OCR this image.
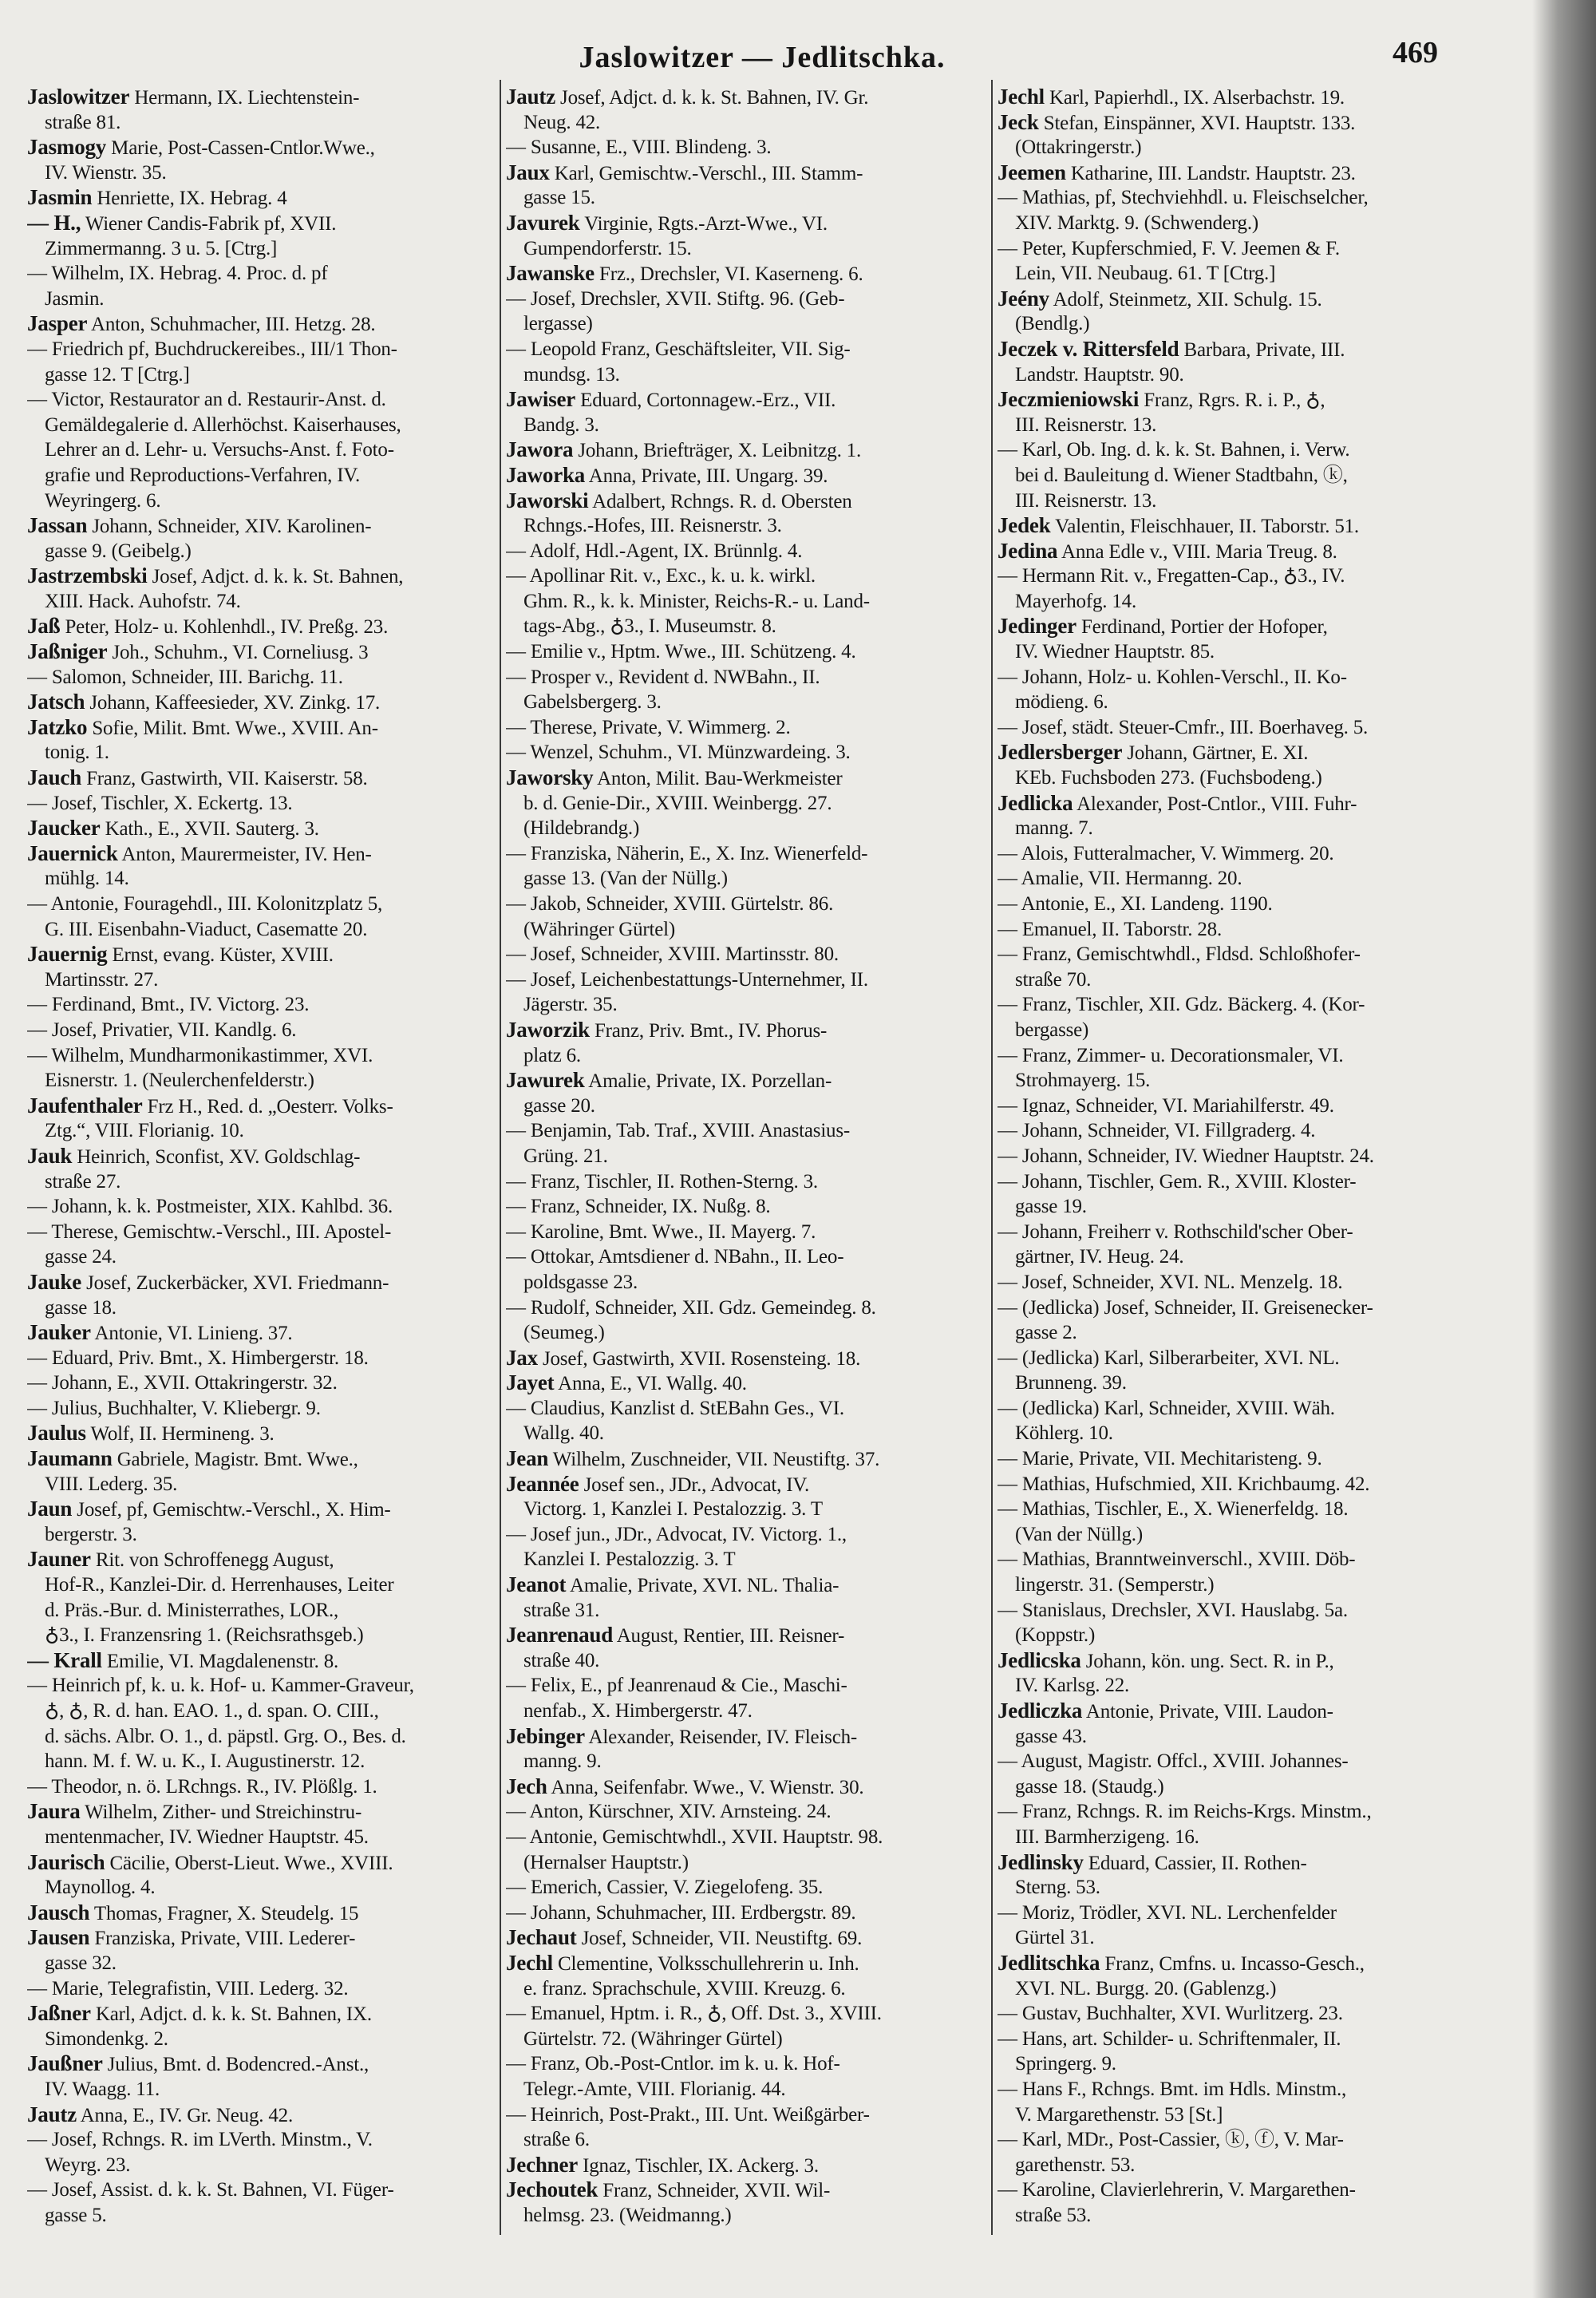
Jaslowitzer — Jedlitschka.	469
Jaslowitzer Hermann, IX. Liechtenstein-
straße 81.
Jasmogy Marie, Post-Cassen-Cntlor.Wwe.,
IV. Wienstr. 35.
Jasmin Henriette, IX. Hebrag. 4
— H., Wiener Candis-Fabrik pf, XVII.
Zimmermanng. 3 u. 5. [Ctrg.]
— Wilhelm, IX. Hebrag. 4. Proc. d. pf
Jasmin.
Jasper Anton, Schuhmacher, III. Hetzg. 28.
— Friedrich pf, Buchdruckereibes., III/1 Thon-
gasse 12. T [Ctrg.]
— Victor, Restaurator an d. Restaurir-Anst. d.
Gemäldegalerie d. Allerhöchst. Kaiserhauses,
Lehrer an d. Lehr- u. Versuchs-Anst. f. Foto-
grafie und Reproductions-Verfahren, IV.
Weyringerg. 6.
Jassan Johann, Schneider, XIV. Karolinen-
gasse 9. (Geibelg.)
Jastrzembski Josef, Adjct. d. k. k. St. Bahnen,
XIII. Hack. Auhofstr. 74.
Jaß Peter, Holz- u. Kohlenhdl., IV. Preßg. 23.
Jaßniger Joh., Schuhm., VI. Corneliusg. 3
— Salomon, Schneider, III. Barichg. 11.
Jatsch Johann, Kaffeesieder, XV. Zinkg. 17.
Jatzko Sofie, Milit. Bmt. Wwe., XVIII. An-
tonig. 1.
Jauch Franz, Gastwirth, VII. Kaiserstr. 58.
— Josef, Tischler, X. Eckertg. 13.
Jaucker Kath., E., XVII. Sauterg. 3.
Jauernick Anton, Maurermeister, IV. Hen-
mühlg. 14.
— Antonie, Fouragehdl., III. Kolonitzplatz 5,
G. III. Eisenbahn-Viaduct, Casematte 20.
Jauernig Ernst, evang. Küster, XVIII.
Martinsstr. 27.
— Ferdinand, Bmt., IV. Victorg. 23.
— Josef, Privatier, VII. Kandlg. 6.
— Wilhelm, Mundharmonikastimmer, XVI.
Eisnerstr. 1. (Neulerchenfelderstr.)
Jaufenthaler Frz H., Red. d. „Oesterr. Volks-
Ztg.“, VIII. Florianig. 10.
Jauk Heinrich, Sconfist, XV. Goldschlag-
straße 27.
— Johann, k. k. Postmeister, XIX. Kahlbd. 36.
— Therese, Gemischtw.-Verschl., III. Apostel-
gasse 24.
Jauke Josef, Zuckerbäcker, XVI. Friedmann-
gasse 18.
Jauker Antonie, VI. Linieng. 37.
— Eduard, Priv. Bmt., X. Himbergerstr. 18.
— Johann, E., XVII. Ottakringerstr. 32.
— Julius, Buchhalter, V. Kliebergr. 9.
Jaulus Wolf, II. Hermineng. 3.
Jaumann Gabriele, Magistr. Bmt. Wwe.,
VIII. Lederg. 35.
Jaun Josef, pf, Gemischtw.-Verschl., X. Him-
bergerstr. 3.
Jauner Rit. von Schroffenegg August,
Hof-R., Kanzlei-Dir. d. Herrenhauses, Leiter
d. Präs.-Bur. d. Ministerrathes, LOR.,
♁3., I. Franzensring 1. (Reichsrathsgeb.)
— Krall Emilie, VI. Magdalenenstr. 8.
— Heinrich pf, k. u. k. Hof- u. Kammer-Graveur,
♁, ♁, R. d. han. EAO. 1., d. span. O. CIII.,
d. sächs. Albr. O. 1., d. päpstl. Grg. O., Bes. d.
hann. M. f. W. u. K., I. Augustinerstr. 12.
— Theodor, n. ö. LRchngs. R., IV. Plößlg. 1.
Jaura Wilhelm, Zither- und Streichinstru-
mentenmacher, IV. Wiedner Hauptstr. 45.
Jaurisch Cäcilie, Oberst-Lieut. Wwe., XVIII.
Maynollog. 4.
Jausch Thomas, Fragner, X. Steudelg. 15
Jausen Franziska, Private, VIII. Lederer-
gasse 32.
— Marie, Telegrafistin, VIII. Lederg. 32.
Jaßner Karl, Adjct. d. k. k. St. Bahnen, IX.
Simondenkg. 2.
Jaußner Julius, Bmt. d. Bodencred.-Anst.,
IV. Waagg. 11.
Jautz Anna, E., IV. Gr. Neug. 42.
— Josef, Rchngs. R. im LVerth. Minstm., V.
Weyrg. 23.
— Josef, Assist. d. k. k. St. Bahnen, VI. Füger-
gasse 5.
Jautz Josef, Adjct. d. k. k. St. Bahnen, IV. Gr.
Neug. 42.
— Susanne, E., VIII. Blindeng. 3.
Jaux Karl, Gemischtw.-Verschl., III. Stamm-
gasse 15.
Javurek Virginie, Rgts.-Arzt-Wwe., VI.
Gumpendorferstr. 15.
Jawanske Frz., Drechsler, VI. Kaserneng. 6.
— Josef, Drechsler, XVII. Stiftg. 96. (Geb-
lergasse)
— Leopold Franz, Geschäftsleiter, VII. Sig-
mundsg. 13.
Jawiser Eduard, Cortonnagew.-Erz., VII.
Bandg. 3.
Jawora Johann, Briefträger, X. Leibnitzg. 1.
Jaworka Anna, Private, III. Ungarg. 39.
Jaworski Adalbert, Rchngs. R. d. Obersten
Rchngs.-Hofes, III. Reisnerstr. 3.
— Adolf, Hdl.-Agent, IX. Brünnlg. 4.
— Apollinar Rit. v., Exc., k. u. k. wirkl.
Ghm. R., k. k. Minister, Reichs-R.- u. Land-
tags-Abg., ♁3., I. Museumstr. 8.
— Emilie v., Hptm. Wwe., III. Schützeng. 4.
— Prosper v., Revident d. NWBahn., II.
Gabelsbergerg. 3.
— Therese, Private, V. Wimmerg. 2.
— Wenzel, Schuhm., VI. Münzwardeing. 3.
Jaworsky Anton, Milit. Bau-Werkmeister
b. d. Genie-Dir., XVIII. Weinbergg. 27.
(Hildebrandg.)
— Franziska, Näherin, E., X. Inz. Wienerfeld-
gasse 13. (Van der Nüllg.)
— Jakob, Schneider, XVIII. Gürtelstr. 86.
(Währinger Gürtel)
— Josef, Schneider, XVIII. Martinsstr. 80.
— Josef, Leichenbestattungs-Unternehmer, II.
Jägerstr. 35.
Jaworzik Franz, Priv. Bmt., IV. Phorus-
platz 6.
Jawurek Amalie, Private, IX. Porzellan-
gasse 20.
— Benjamin, Tab. Traf., XVIII. Anastasius-
Grüng. 21.
— Franz, Tischler, II. Rothen-Sterng. 3.
— Franz, Schneider, IX. Nußg. 8.
— Karoline, Bmt. Wwe., II. Mayerg. 7.
— Ottokar, Amtsdiener d. NBahn., II. Leo-
poldsgasse 23.
— Rudolf, Schneider, XII. Gdz. Gemeindeg. 8.
(Seumeg.)
Jax Josef, Gastwirth, XVII. Rosensteing. 18.
Jayet Anna, E., VI. Wallg. 40.
— Claudius, Kanzlist d. StEBahn Ges., VI.
Wallg. 40.
Jean Wilhelm, Zuschneider, VII. Neustiftg. 37.
Jeannée Josef sen., JDr., Advocat, IV.
Victorg. 1, Kanzlei I. Pestalozzig. 3. T
— Josef jun., JDr., Advocat, IV. Victorg. 1.,
Kanzlei I. Pestalozzig. 3. T
Jeanot Amalie, Private, XVI. NL. Thalia-
straße 31.
Jeanrenaud August, Rentier, III. Reisner-
straße 40.
— Felix, E., pf Jeanrenaud & Cie., Maschi-
nenfab., X. Himbergerstr. 47.
Jebinger Alexander, Reisender, IV. Fleisch-
manng. 9.
Jech Anna, Seifenfabr. Wwe., V. Wienstr. 30.
— Anton, Kürschner, XIV. Arnsteing. 24.
— Antonie, Gemischtwhdl., XVII. Hauptstr. 98.
(Hernalser Hauptstr.)
— Emerich, Cassier, V. Ziegelofeng. 35.
— Johann, Schuhmacher, III. Erdbergstr. 89.
Jechaut Josef, Schneider, VII. Neustiftg. 69.
Jechl Clementine, Volksschullehrerin u. Inh.
e. franz. Sprachschule, XVIII. Kreuzg. 6.
— Emanuel, Hptm. i. R., ♁, Off. Dst. 3., XVIII.
Gürtelstr. 72. (Währinger Gürtel)
— Franz, Ob.-Post-Cntlor. im k. u. k. Hof-
Telegr.-Amte, VIII. Florianig. 44.
— Heinrich, Post-Prakt., III. Unt. Weißgärber-
straße 6.
Jechner Ignaz, Tischler, IX. Ackerg. 3.
Jechoutek Franz, Schneider, XVII. Wil-
helmsg. 23. (Weidmanng.)
Jechl Karl, Papierhdl., IX. Alserbachstr. 19.
Jeck Stefan, Einspänner, XVI. Hauptstr. 133.
(Ottakringerstr.)
Jeemen Katharine, III. Landstr. Hauptstr. 23.
— Mathias, pf, Stechviehhdl. u. Fleischselcher,
XIV. Marktg. 9. (Schwenderg.)
— Peter, Kupferschmied, F. V. Jeemen & F.
Lein, VII. Neubaug. 61. T [Ctrg.]
Jeény Adolf, Steinmetz, XII. Schulg. 15.
(Bendlg.)
Jeczek v. Rittersfeld Barbara, Private, III.
Landstr. Hauptstr. 90.
Jeczmieniowski Franz, Rgrs. R. i. P., ♁,
III. Reisnerstr. 13.
— Karl, Ob. Ing. d. k. k. St. Bahnen, i. Verw.
bei d. Bauleitung d. Wiener Stadtbahn, ⓚ,
III. Reisnerstr. 13.
Jedek Valentin, Fleischhauer, II. Taborstr. 51.
Jedina Anna Edle v., VIII. Maria Treug. 8.
— Hermann Rit. v., Fregatten-Cap., ♁3., IV.
Mayerhofg. 14.
Jedinger Ferdinand, Portier der Hofoper,
IV. Wiedner Hauptstr. 85.
— Johann, Holz- u. Kohlen-Verschl., II. Ko-
mödieng. 6.
— Josef, städt. Steuer-Cmfr., III. Boerhaveg. 5.
Jedlersberger Johann, Gärtner, E. XI.
KEb. Fuchsboden 273. (Fuchsbodeng.)
Jedlicka Alexander, Post-Cntlor., VIII. Fuhr-
manng. 7.
— Alois, Futteralmacher, V. Wimmerg. 20.
— Amalie, VII. Hermanng. 20.
— Antonie, E., XI. Landeng. 1190.
— Emanuel, II. Taborstr. 28.
— Franz, Gemischtwhdl., Fldsd. Schloßhofer-
straße 70.
— Franz, Tischler, XII. Gdz. Bäckerg. 4. (Kor-
bergasse)
— Franz, Zimmer- u. Decorationsmaler, VI.
Strohmayerg. 15.
— Ignaz, Schneider, VI. Mariahilferstr. 49.
— Johann, Schneider, VI. Fillgraderg. 4.
— Johann, Schneider, IV. Wiedner Hauptstr. 24.
— Johann, Tischler, Gem. R., XVIII. Kloster-
gasse 19.
— Johann, Freiherr v. Rothschild'scher Ober-
gärtner, IV. Heug. 24.
— Josef, Schneider, XVI. NL. Menzelg. 18.
— (Jedlicka) Josef, Schneider, II. Greisenecker-
gasse 2.
— (Jedlicka) Karl, Silberarbeiter, XVI. NL.
Brunneng. 39.
— (Jedlicka) Karl, Schneider, XVIII. Wäh.
Köhlerg. 10.
— Marie, Private, VII. Mechitaristeng. 9.
— Mathias, Hufschmied, XII. Krichbaumg. 42.
— Mathias, Tischler, E., X. Wienerfeldg. 18.
(Van der Nüllg.)
— Mathias, Branntweinverschl., XVIII. Döb-
lingerstr. 31. (Semperstr.)
— Stanislaus, Drechsler, XVI. Hauslabg. 5a.
(Koppstr.)
Jedlicska Johann, kön. ung. Sect. R. in P.,
IV. Karlsg. 22.
Jedliczka Antonie, Private, VIII. Laudon-
gasse 43.
— August, Magistr. Offcl., XVIII. Johannes-
gasse 18. (Staudg.)
— Franz, Rchngs. R. im Reichs-Krgs. Minstm.,
III. Barmherzigeng. 16.
Jedlinsky Eduard, Cassier, II. Rothen-
Sterng. 53.
— Moriz, Trödler, XVI. NL. Lerchenfelder
Gürtel 31.
Jedlitschka Franz, Cmfns. u. Incasso-Gesch.,
XVI. NL. Burgg. 20. (Gablenzg.)
— Gustav, Buchhalter, XVI. Wurlitzerg. 23.
— Hans, art. Schilder- u. Schriftenmaler, II.
Springerg. 9.
— Hans F., Rchngs. Bmt. im Hdls. Minstm.,
V. Margarethenstr. 53 [St.]
— Karl, MDr., Post-Cassier, ⓚ, ⓕ, V. Mar-
garethenstr. 53.
— Karoline, Clavierlehrerin, V. Margarethen-
straße 53.
